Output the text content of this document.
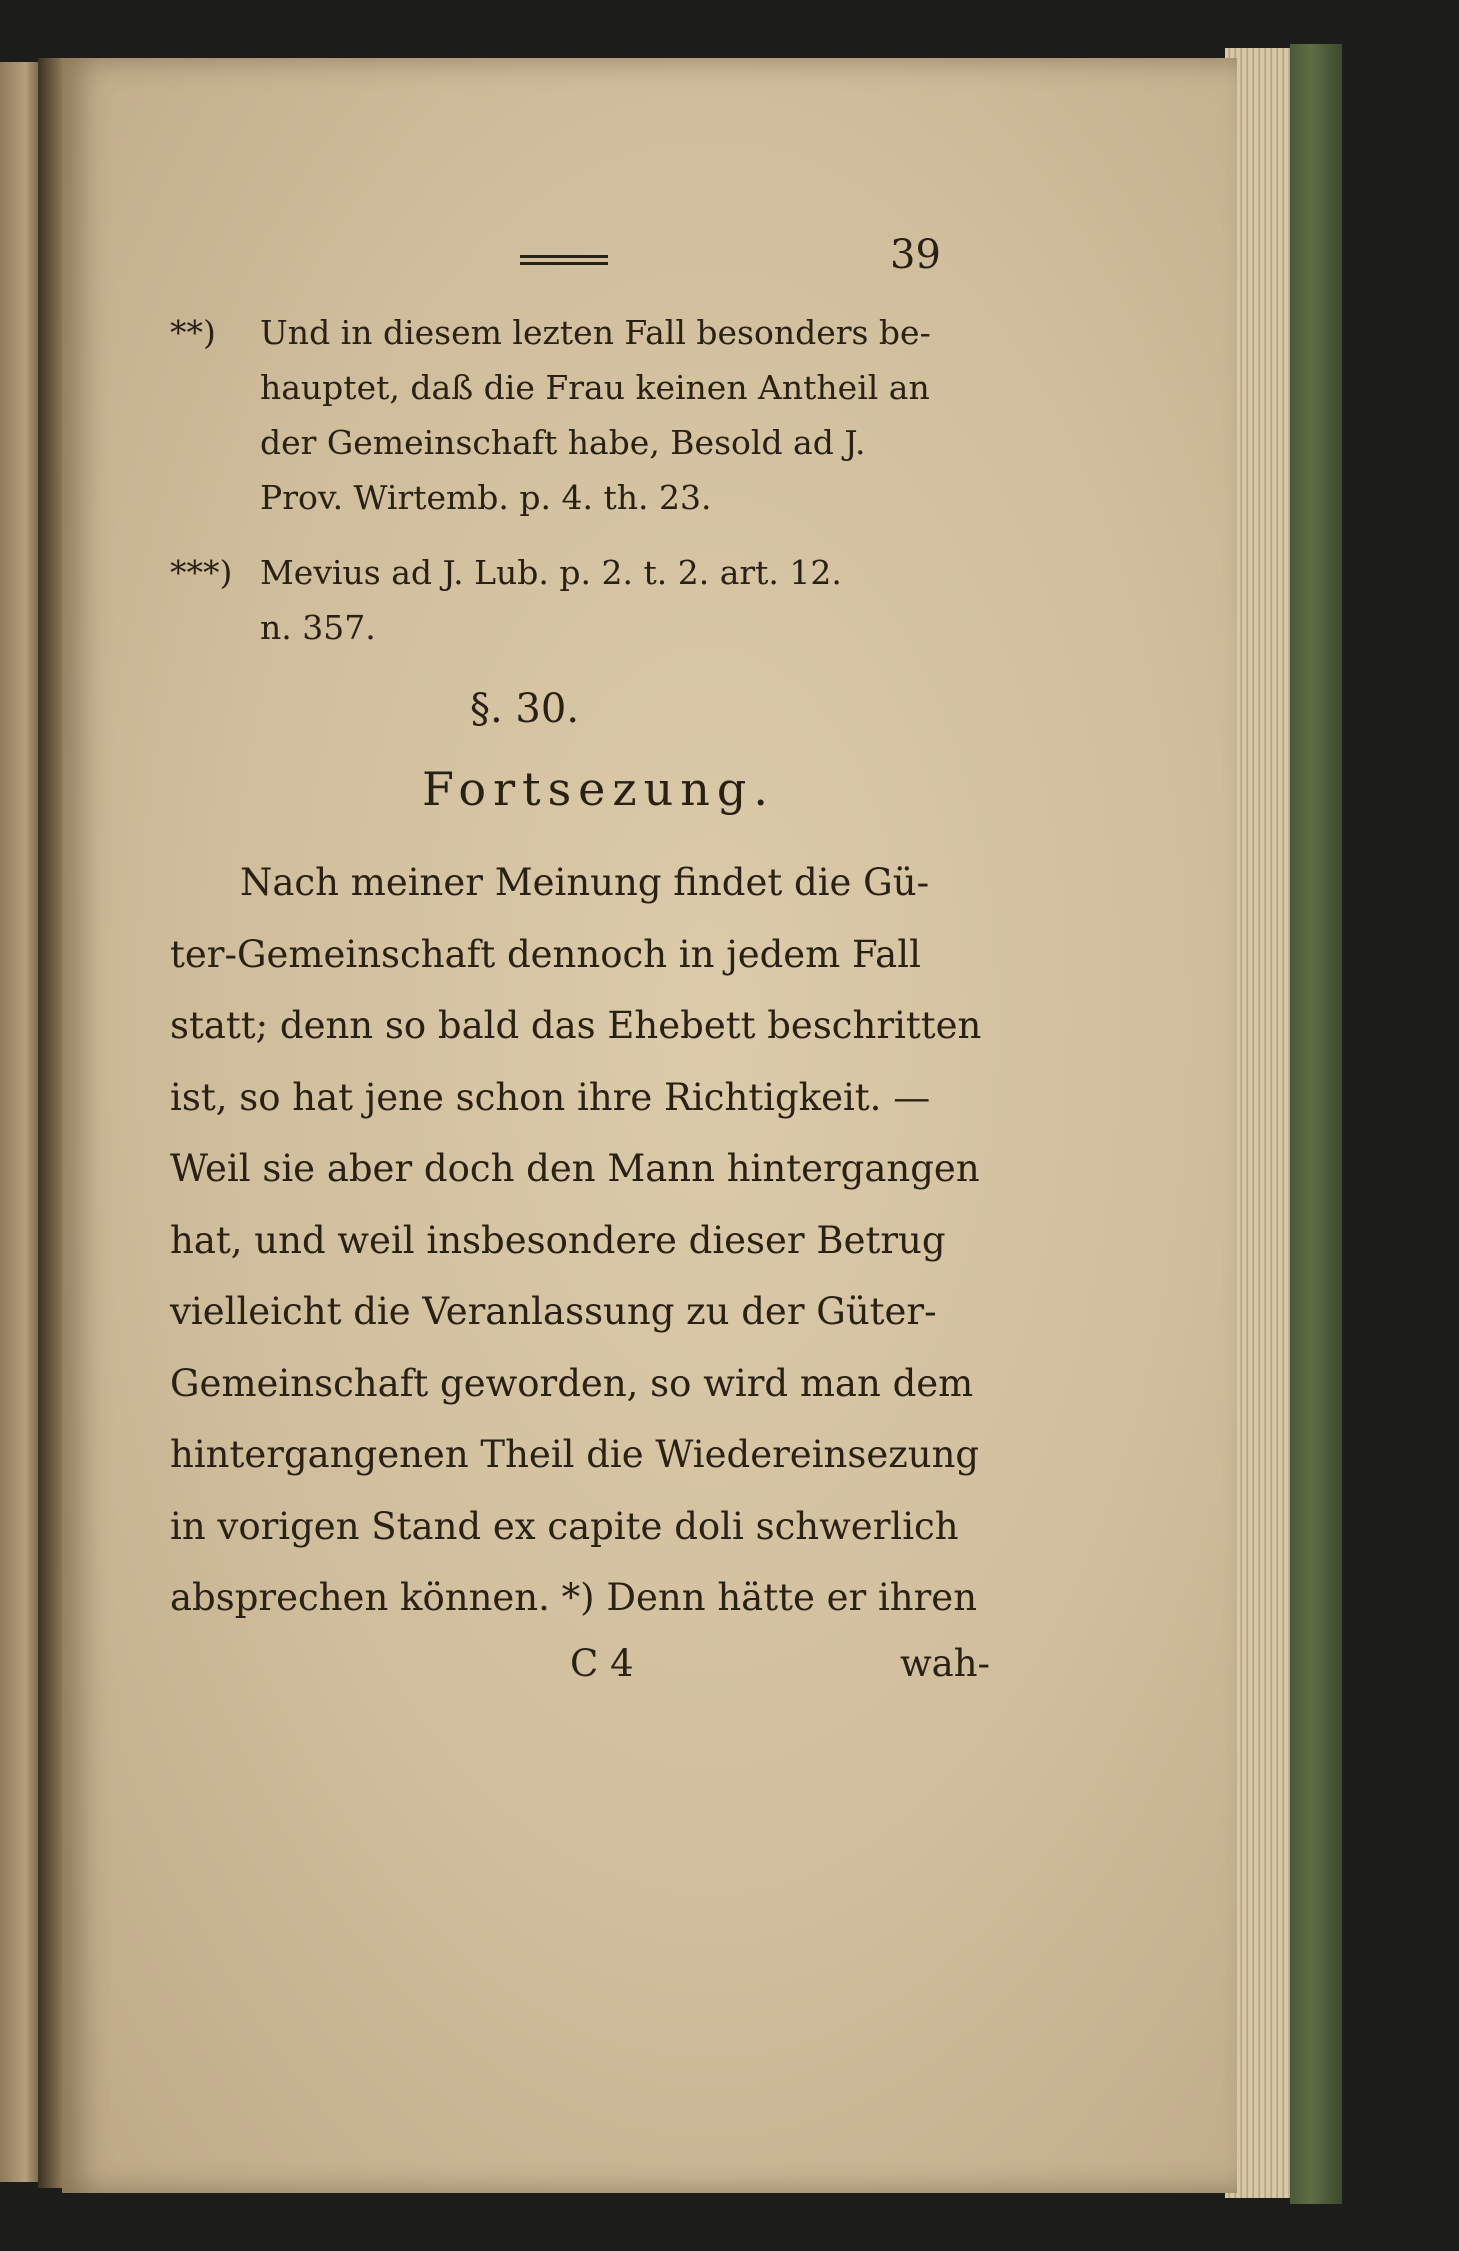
39
**) Und in diesem lezten Fall besonders be-
hauptet, daß die Frau keinen Antheil an
der Gemeinschaft habe, Besold ad J.
Prov. Wirtemb. p. 4. th. 23.
***) Mevius ad J. Lub. p. 2. t. 2. art. 12.
n. 357.
§. 30.
Fortsezung.
Nach meiner Meinung findet die Gü-
ter-Gemeinschaft dennoch in jedem Fall
statt; denn so bald das Ehebett beschritten
ist, so hat jene schon ihre Richtigkeit. —
Weil sie aber doch den Mann hintergangen
hat, und weil insbesondere dieser Betrug
vielleicht die Veranlassung zu der Güter-
Gemeinschaft geworden, so wird man dem
hintergangenen Theil die Wiedereinsezung
in vorigen Stand ex capite doli schwerlich
absprechen können. *) Denn hätte er ihren
C 4	wah-
